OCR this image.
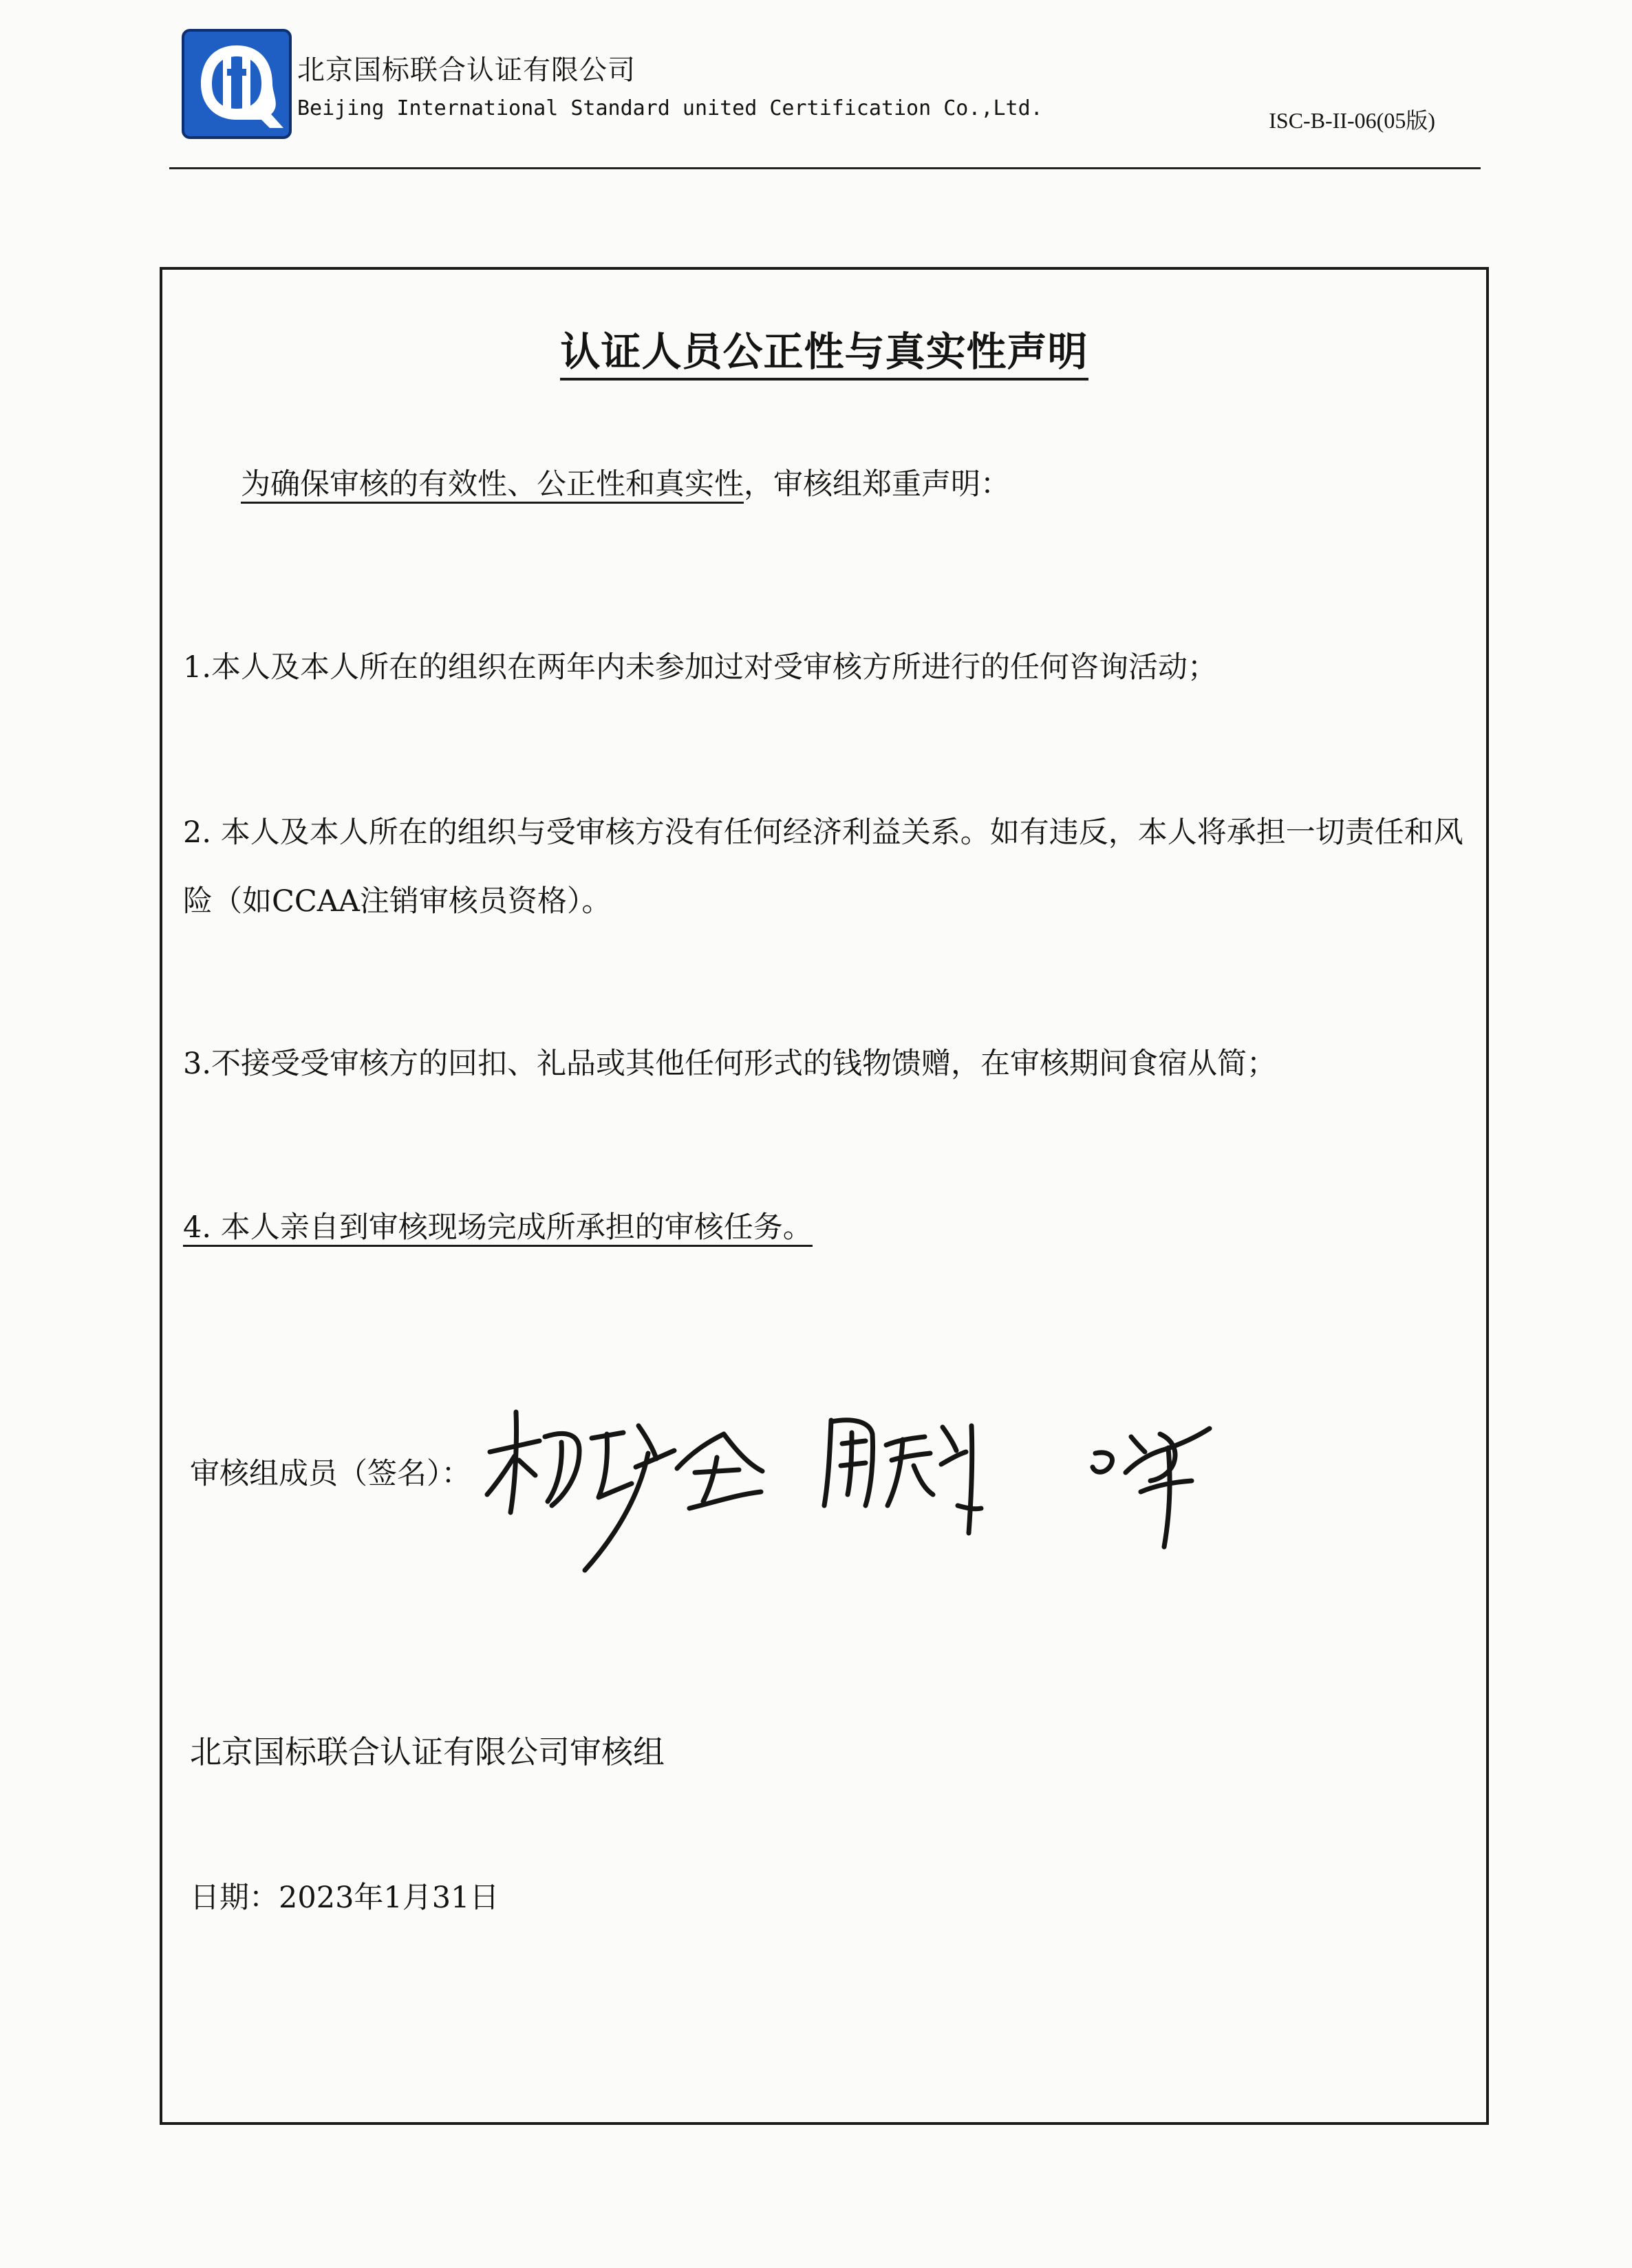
北京国标联合认证有限公司
Beijing International Standard united Certification Co.,Ltd.	ISC-B-II-06(05版)
认证人员公正性与真实性声明

为确保审核的有效性、公正性和真实性，审核组郑重声明：

1.本人及本人所在的组织在两年内未参加过对受审核方所进行的任何咨询活动；

2. 本人及本人所在的组织与受审核方没有任何经济利益关系。如有违反，本人将承担一切责任和风险（如CCAA注销审核员资格）。

3.不接受受审核方的回扣、礼品或其他任何形式的钱物馈赠，在审核期间食宿从简；

4. 本人亲自到审核现场完成所承担的审核任务。

审核组成员（签名）：
北京国标联合认证有限公司审核组
日期：2023年1月31日
